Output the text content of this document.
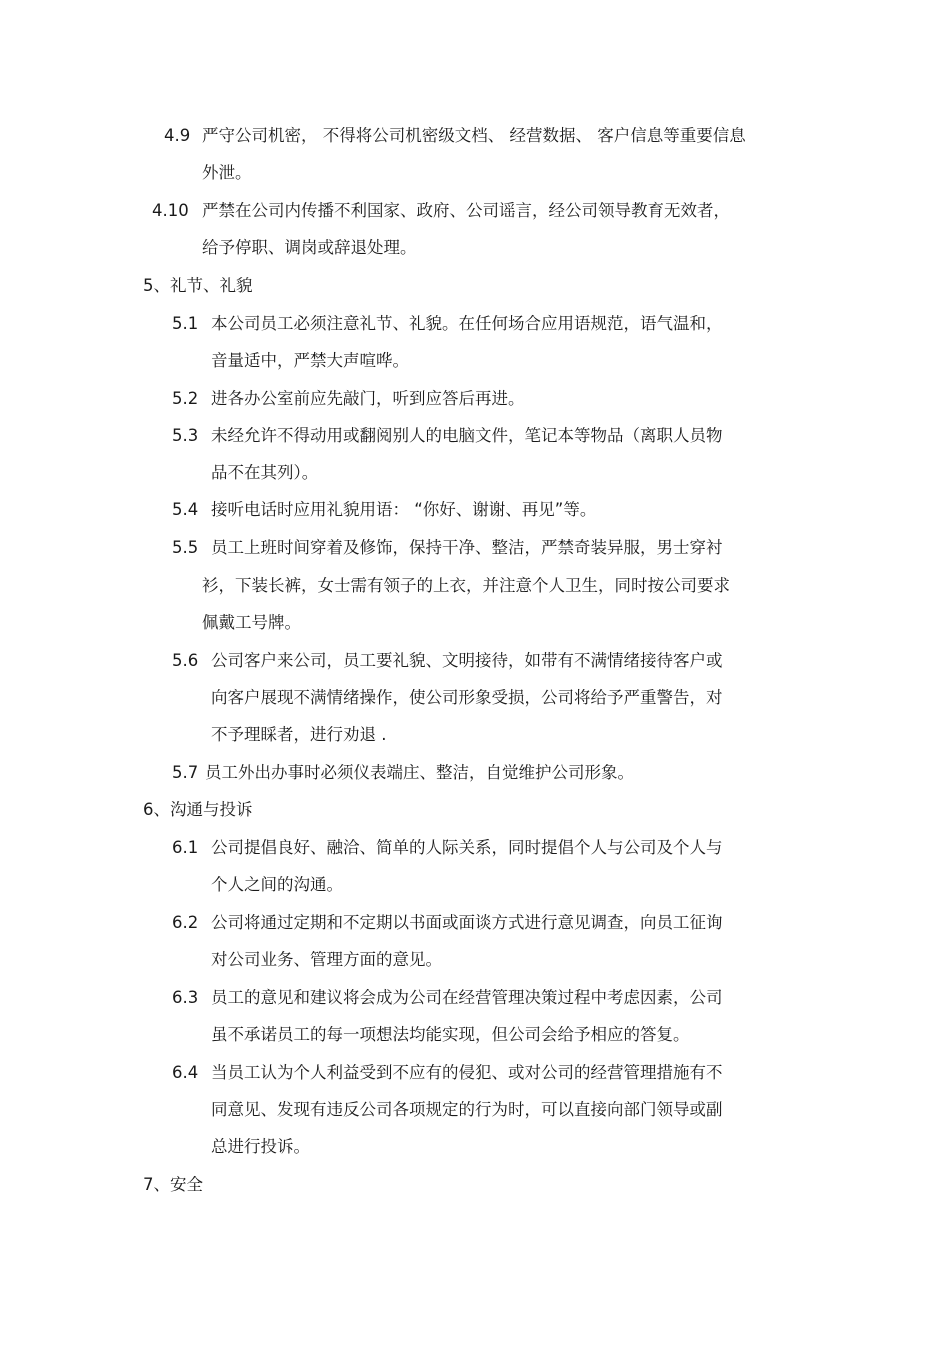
4.9 严守公司机密， 不得将公司机密级文档、 经营数据、 客户信息等重要信息
外泄。
4.10 严禁在公司内传播不利国家、政府、公司谣言，经公司领导教育无效者，
给予停职、调岗或辞退处理。
5、礼节、礼貌
5.1 本公司员工必须注意礼节、礼貌。在任何场合应用语规范，语气温和，
音量适中，严禁大声喧哗。
5.2 进各办公室前应先敲门，听到应答后再进。
5.3 未经允许不得动用或翻阅别人的电脑文件，笔记本等物品（离职人员物
品不在其列）。
5.4 接听电话时应用礼貌用语： “你好、谢谢、再见”等。
5.5 员工上班时间穿着及修饰，保持干净、整洁，严禁奇装异服，男士穿衬
衫，下装长裤，女士需有领子的上衣，并注意个人卫生，同时按公司要求
佩戴工号牌。
5.6 公司客户来公司，员工要礼貌、文明接待，如带有不满情绪接待客户或
向客户展现不满情绪操作，使公司形象受损，公司将给予严重警告，对
不予理睬者，进行劝退 .
5.7 员工外出办事时必须仪表端庄、整洁，自觉维护公司形象。
6、沟通与投诉
6.1 公司提倡良好、融洽、简单的人际关系，同时提倡个人与公司及个人与
个人之间的沟通。
6.2 公司将通过定期和不定期以书面或面谈方式进行意见调查，向员工征询
对公司业务、管理方面的意见。
6.3 员工的意见和建议将会成为公司在经营管理决策过程中考虑因素，公司
虽不承诺员工的每一项想法均能实现，但公司会给予相应的答复。
6.4 当员工认为个人利益受到不应有的侵犯、或对公司的经营管理措施有不
同意见、发现有违反公司各项规定的行为时，可以直接向部门领导或副
总进行投诉。
7、安全
